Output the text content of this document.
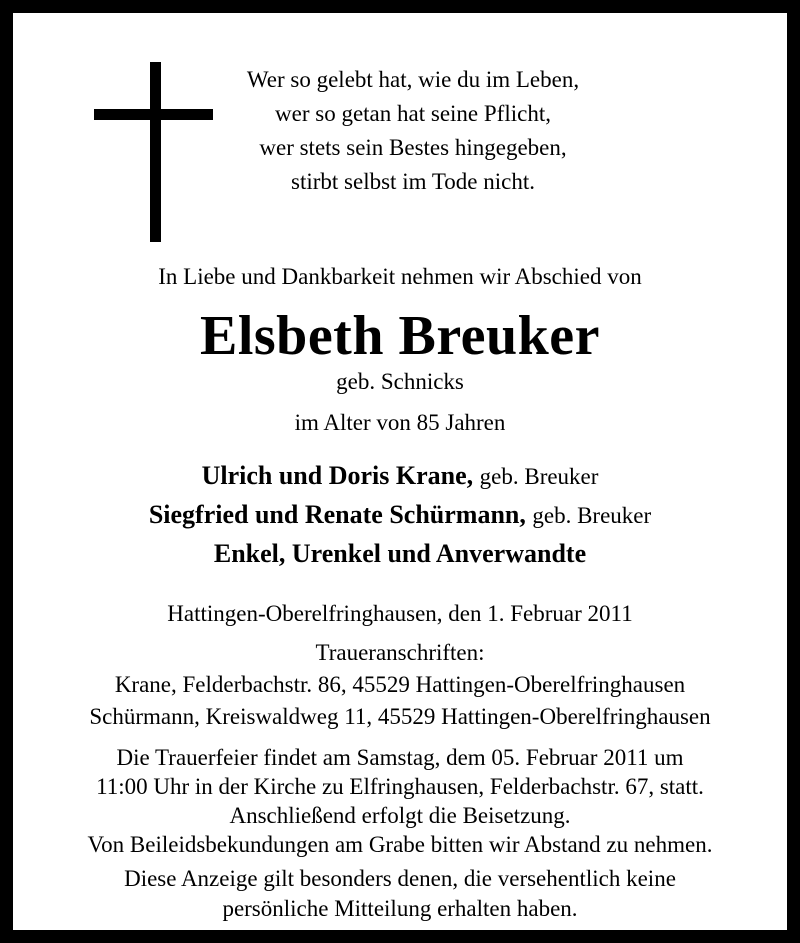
Wer so gelebt hat, wie du im Leben,
wer so getan hat seine Pflicht,
wer stets sein Bestes hingegeben,
stirbt selbst im Tode nicht.
In Liebe und Dankbarkeit nehmen wir Abschied von
Elsbeth Breuker
geb. Schnicks
im Alter von 85 Jahren
Ulrich und Doris Krane, geb. Breuker
Siegfried und Renate Schürmann, geb. Breuker
Enkel, Urenkel und Anverwandte
Hattingen-Oberelfringhausen, den 1. Februar 2011
Traueranschriften:
Krane, Felderbachstr. 86, 45529 Hattingen-Oberelfringhausen
Schürmann, Kreiswaldweg 11, 45529 Hattingen-Oberelfringhausen
Die Trauerfeier findet am Samstag, dem 05. Februar 2011 um
11:00 Uhr in der Kirche zu Elfringhausen, Felderbachstr. 67, statt.
Anschließend erfolgt die Beisetzung.
Von Beileidsbekundungen am Grabe bitten wir Abstand zu nehmen.
Diese Anzeige gilt besonders denen, die versehentlich keine
persönliche Mitteilung erhalten haben.
